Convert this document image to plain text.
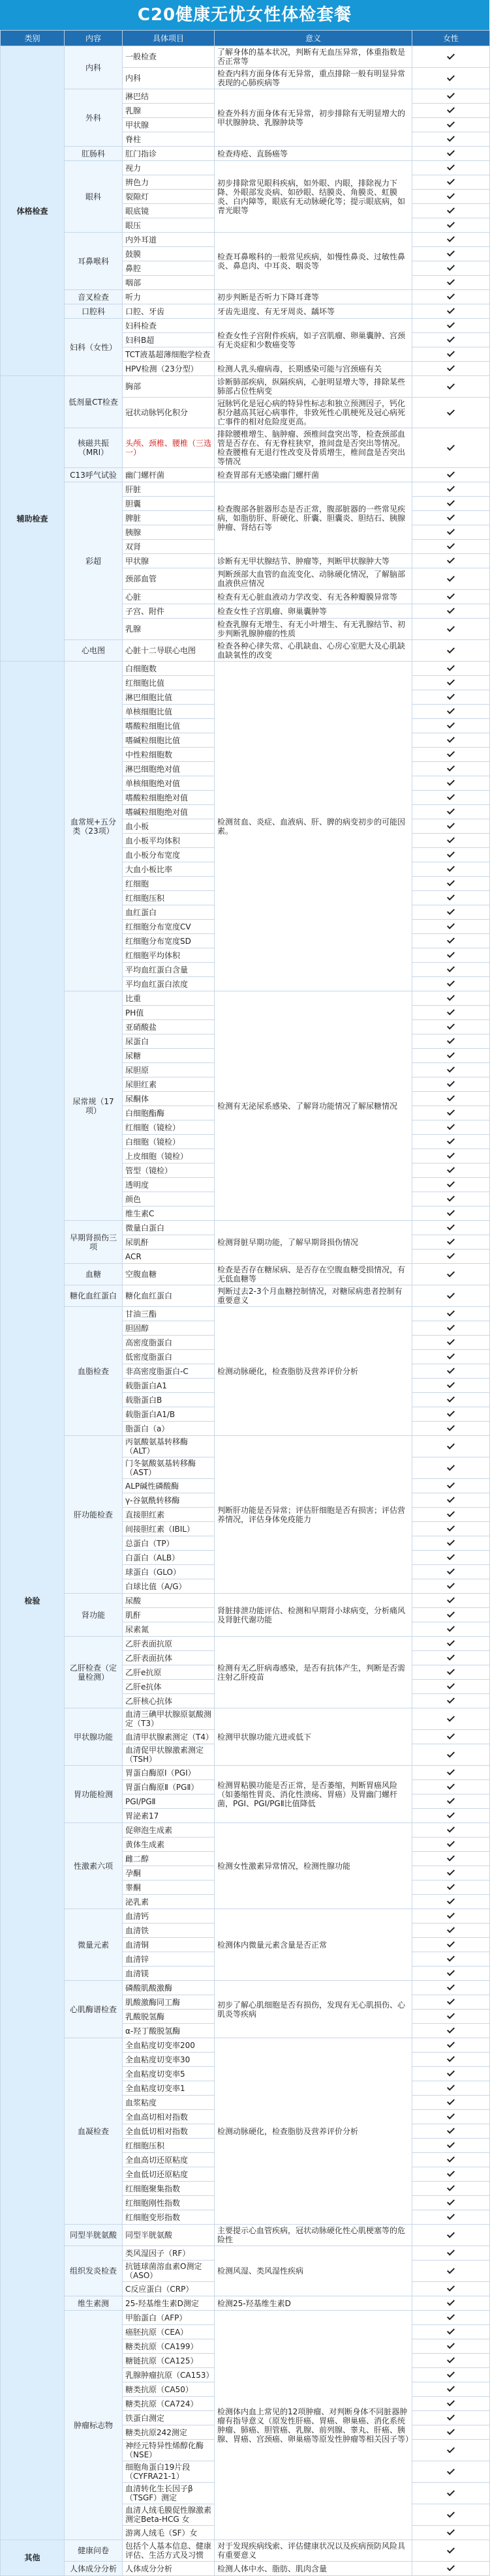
C20健康无忧女性体检套餐
类别	内容	具体项目	意义	女性
体格检查	内科	一般检查	了解身体的基本状况，判断有无血压异常，体重指数是否正常等	
		内科	检查内科方面身体有无异常，重点排除一般有明显异常表现的心肺疾病等	
	外科	淋巴结	检查外科方面身体有无异常，初步排除有无明显增大的甲状腺肿块、乳腺肿块等	
		乳腺		
		甲状腺		
		脊柱		
	肛肠科	肛门指诊	检查痔疮、直肠癌等	
	眼科	视力	初步排除常见眼科疾病，如外眼、内眼，排除视力下降、外眼部发炎病、如砂眼、结膜炎、角膜炎、虹膜炎、白内障等，眼底有无动脉硬化等；提示眼底病，如青光眼等	
		辨色力		
		裂隙灯		
		眼底镜		
		眼压		
	耳鼻喉科	内外耳道	检查耳鼻喉科的一般常见疾病，如慢性鼻炎、过敏性鼻炎、鼻息肉、中耳炎、咽炎等	
		鼓膜		
		鼻腔		
		咽部		
	音叉检查	听力	初步判断是否听力下降耳聋等	
	口腔科	口腔、牙齿	牙齿先退度、有无牙周炎、龋坏等	
	妇科（女性）	妇科检查	检查女性子宫附件疾病，如子宫肌瘤、卵巢囊肿、宫颈有无炎症和少数癌变等	
		妇科B超		
		TCT液基超薄细胞学检查		
		HPV检测（23分型）	检测人乳头瘤病毒，长期感染可能与宫颈癌有关	
辅助检查	低剂量CT检查	胸部	诊断肺部疾病，纵隔疾病，心脏明显增大等，排除某些肺部占位性病变	
		冠状动脉钙化积分	冠脉钙化是冠心病的特异性标志和独立预测因子，钙化积分越高其冠心病事件，非致死性心肌梗死及冠心病死亡事件的相对危险度更高。	
	核磁共振（MRI）	头颅、颈椎、腰椎（三选一）	排除腰椎增生、脑肿瘤、颈椎间盘突出等，检查颈部血管是否存在、有无脊柱狭窄，推间盘是否突出等情况。检查腰椎有无退行性改变及骨质增生，椎间盘是否突出等情况	
	C13呼气试验	幽门螺杆菌	检查胃部有无感染幽门螺杆菌	
	彩超	肝脏	检查腹部各脏器形态是否正常，腹部脏器的一些常见疾病，如脂肪肝、肝硬化、肝囊、胆囊炎、胆结石、胰腺肿瘤、肾结石等	
		胆囊		
		脾脏		
		胰腺		
		双肾		
		甲状腺	诊断有无甲状腺结节、肿瘤等，判断甲状腺肿大等	
		颈部血管	判断颈部大血管的血流变化、动脉硬化情况，了解脑部血液供应情况	
		心脏	检查有无心脏血液动力学改变、有无各种瓣膜异常等	
		子宫、附件	检查女性子宫肌瘤、卵巢囊肿等	
		乳腺	检查乳腺有无增生、有无小叶增生、有无乳腺结节、初步判断乳腺肿瘤的性质	
	心电图	心脏十二导联心电图	检查各种心律失常、心肌缺血、心房心室肥大及心肌缺血缺氧性的改变	
检验	血常规+五分类（23项）	白细胞数	检测贫血、炎症、血液病、肝、脾的病变初步的可能因素。	
		红细胞比值		
		淋巴细胞比值		
		单核细胞比值		
		嗜酸粒细胞比值		
		嗜碱粒细胞比值		
		中性粒细胞数		
		淋巴细胞绝对值		
		单核细胞绝对值		
		嗜酸粒细胞绝对值		
		嗜碱粒细胞绝对值		
		血小板		
		血小板平均体积		
		血小板分布宽度		
		大血小板比率		
		红细胞		
		红细胞压积		
		血红蛋白		
		红细胞分布宽度CV		
		红细胞分布宽度SD		
		红细胞平均体积		
		平均血红蛋白含量		
		平均血红蛋白浓度		
	尿常规（17项）	比重	检测有无泌尿系感染、了解肾功能情况了解尿糖情况	
		PH值		
		亚硝酸盐		
		尿蛋白		
		尿糖		
		尿胆原		
		尿胆红素		
		尿酮体		
		白细胞酯酶		
		红细胞（镜检）		
		白细胞（镜检）		
		上皮细胞（镜检）		
		管型（镜检）		
		透明度		
		颜色		
		维生素C		
	早期肾损伤三项	微量白蛋白	检测肾脏早期功能，了解早期肾损伤情况	
		尿肌酐		
		ACR		
	血糖	空腹血糖	检查是否存在糖尿病、是否存在空腹血糖受损情况，有无低血糖等	
	糖化血红蛋白	糖化血红蛋白	判断过去2-3个月血糖控制情况，对糖尿病患者控制有重要意义	
	血脂检查	甘油三酯	检测动脉硬化，检查脂肪及营养评价分析	
		胆固醇		
		高密度脂蛋白		
		低密度脂蛋白		
		非高密度脂蛋白-C		
		载脂蛋白A1		
		载脂蛋白B		
		载脂蛋白A1/B		
		脂蛋白（a）		
	肝功能检查	丙氨酸氨基转移酶（ALT）	判断肝功能是否异常；评估肝细胞是否有损害；评估营养情况，评估身体免疫能力	
		门冬氨酸氨基转移酶（AST）		
		ALP碱性磷酸酶		
		γ-谷氨酰转移酶		
		直接胆红素		
		间接胆红素（IBIL）		
		总蛋白（TP）		
		白蛋白（ALB）		
		球蛋白（GLO）		
		白球比值（A/G）		
	肾功能	尿酸	肾脏排泄功能评估、检测和早期肾小球病变，分析痛风及肾脏代谢功能	
		肌酐		
		尿素氮		
	乙肝检查（定量检测）	乙肝表面抗原	检测有无乙肝病毒感染，是否有抗体产生，判断是否需注射乙肝疫苗	
		乙肝表面抗体		
		乙肝e抗原		
		乙肝e抗体		
		乙肝核心抗体		
	甲状腺功能	血清三碘甲状腺原氨酸测定（T3）	检测甲状腺功能亢进或低下	
		血清甲状腺素测定（T4）		
		血清促甲状腺激素测定（TSH）		
	胃功能检测	胃蛋白酶原Ⅰ（PGⅠ）	检测胃粘膜功能是否正常，是否萎缩，判断胃癌风险（如萎缩性胃炎、消化性溃疡、胃癌）及胃幽门螺杆菌，PGⅠ、PGⅠ/PGⅡ比值降低	
		胃蛋白酶原Ⅱ（PGⅡ）		
		PGⅠ/PGⅡ		
		胃泌素17		
	性激素六项	促卵泡生成素	检测女性激素异常情况，检测性腺功能	
		黄体生成素		
		雌二醇		
		孕酮		
		睾酮		
		泌乳素		
	微量元素	血清钙	检测体内微量元素含量是否正常	
		血清铁		
		血清铜		
		血清锌		
		血清镁		
	心肌酶谱检查	磷酸肌酸激酶	初步了解心肌细胞是否有损伤，发现有无心肌损伤、心肌炎等疾病	
		肌酸激酶同工酶		
		乳酸脱氢酶		
		α-羟丁酸脱氢酶		
	血凝检查	全血粘度切变率200	检测动脉硬化，检查脂肪及营养评价分析	
		全血粘度切变率30		
		全血粘度切变率5		
		全血粘度切变率1		
		血浆粘度		
		全血高切相对指数		
		全血低切相对指数		
		红细胞压积		
		全血高切还原粘度		
		全血低切还原粘度		
		红细胞聚集指数		
		红细胞刚性指数		
		红细胞变形指数		
	同型半胱氨酸	同型半胱氨酸	主要提示心血管疾病，冠状动脉硬化性心肌梗塞等的危险性	
	组织发炎检查	类风湿因子（RF）	检测风湿、类风湿性疾病	
		抗链球菌溶血素O测定（ASO）		
		C反应蛋白（CRP）		
	维生素测	25-羟基维生素D测定	检测25-羟基维生素D	
	肿瘤标志物	甲胎蛋白（AFP）	检测体内血上常见的12项肿瘤、对判断身体不同脏器肿瘤有指导意义（原发性肝癌、胃癌、卵巢癌、消化系统肿瘤、肺癌、胆管癌、乳腺、前列腺、睾丸、肝癌、胰腺、胃癌、宫颈癌、卵巢癌等原发性肿瘤等相关因子等）	
		癌胚抗原（CEA）		
		糖类抗原（CA199）		
		糖链抗原（CA125）		
		乳腺肿瘤抗原（CA153）		
		糖类抗原（CA50）		
		糖类抗原（CA724）		
		铁蛋白测定		
		糖类抗原242测定		
		神经元特异性烯醇化酶（NSE）		
		细胞角蛋白19片段（CYFRA21-1）		
		血清转化生长因子β（TSGF）测定		
		血清人绒毛膜促性腺激素测定Beta-HCG 女		
		游离人绒毛（SF）女		
其他	健康问卷	包括个人基本信息、健康评估、生活方式及习惯	对于发现疾病线索、评估健康状况以及疾病预防风险具有重要意义	
	人体成分分析	人体成分分析	检测人体中水、脂肪、肌肉含量	
